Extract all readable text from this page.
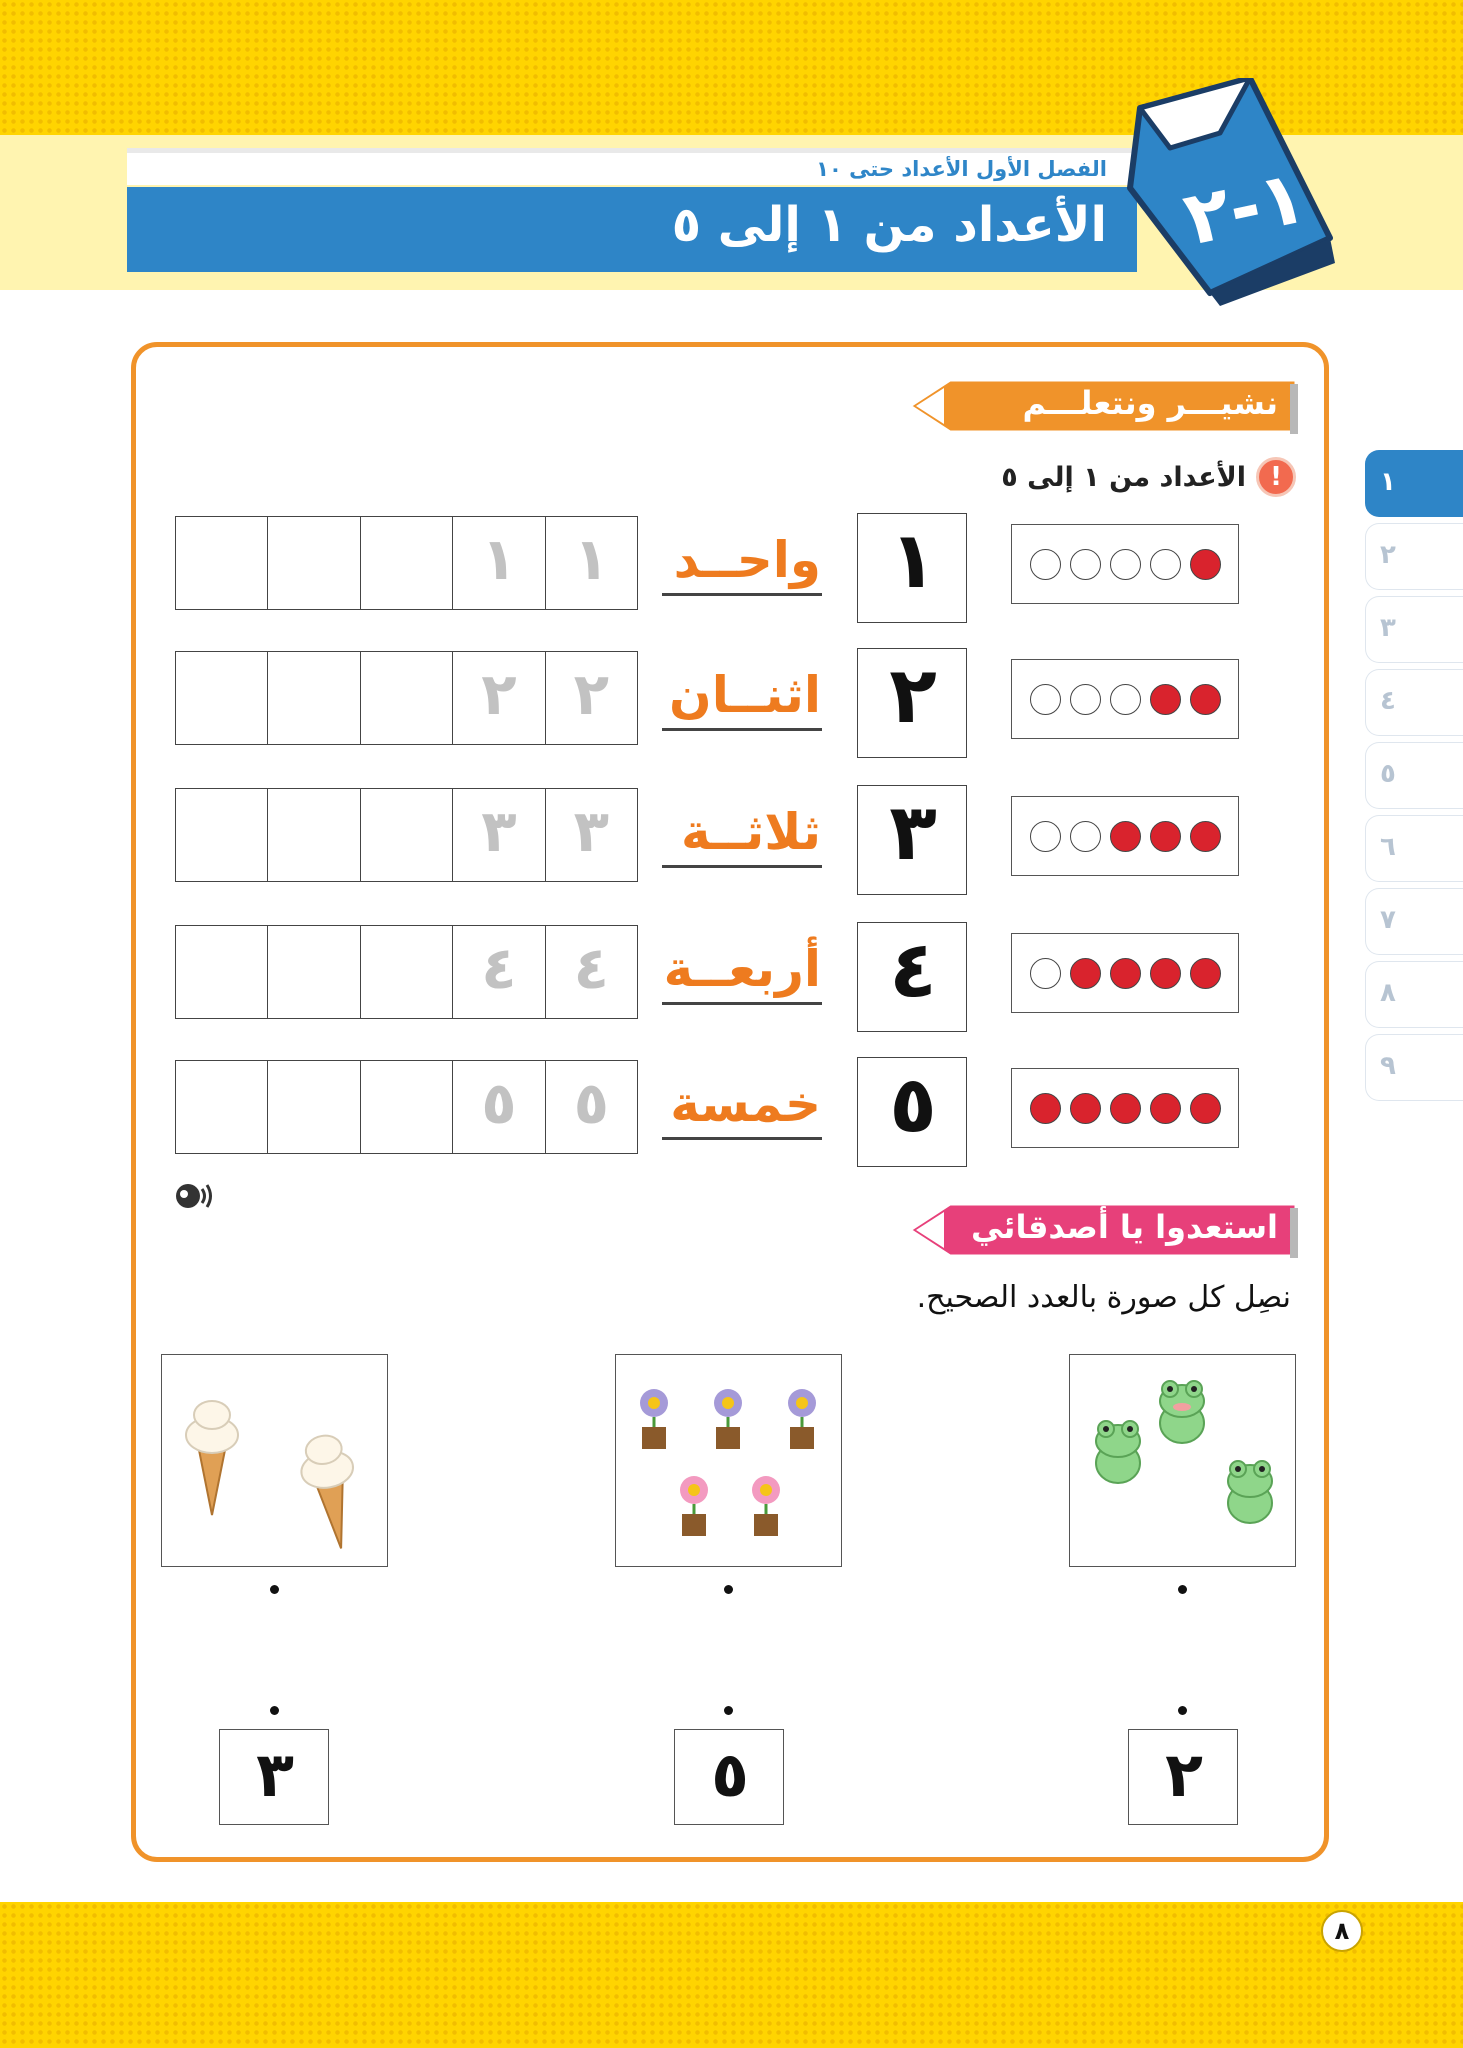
الفصل الأول الأعداد حتى ١٠
الأعداد من ١ إلى ٥ ١-٢
نشيـــر ونتعلـــم
!
الأعداد من ١ إلى ٥
١
واحــد
١ ١
٢
اثنــان
٢ ٢
٣
ثلاثــة
٣ ٣
٤
أربعــة
٤ ٤
٥
خمسة
٥ ٥
استعدوا يا أصدقائي
نصِل كل صورة بالعدد الصحيح.
٢
٥
٣
١
٢
٣
٤
٥
٦
٧
٨
٩
٨
